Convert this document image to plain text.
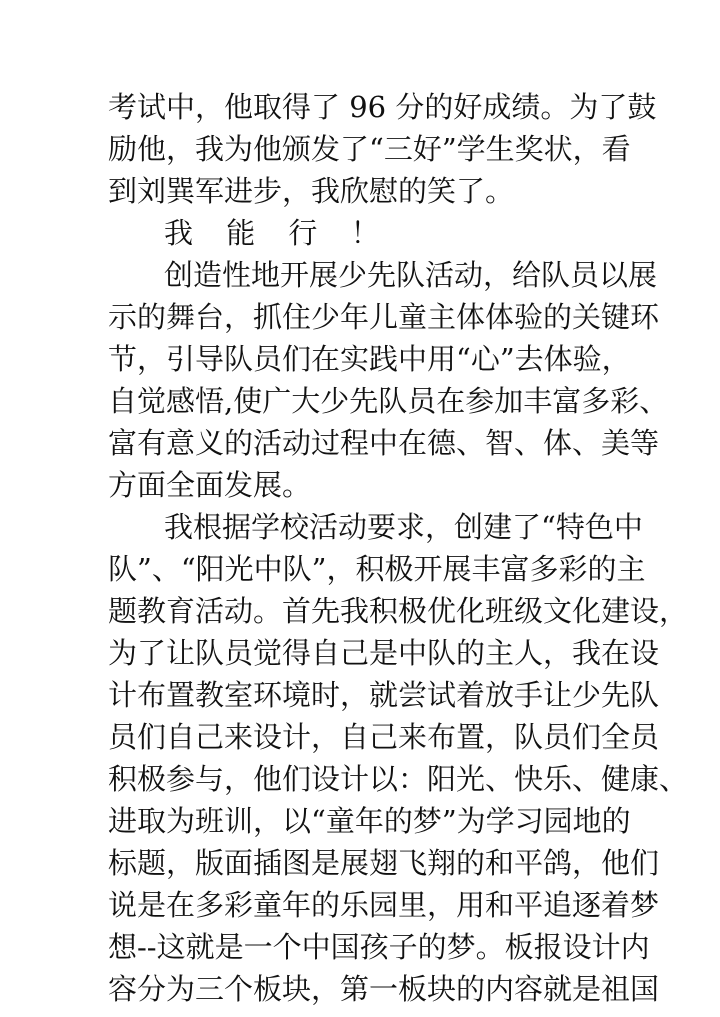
考试中，他取得了 96 分的好成绩。为了鼓
励他，我为他颁发了“三好”学生奖状，看
到刘巽军进步，我欣慰的笑了。
我 能 行 ！
创造性地开展少先队活动，给队员以展
示的舞台，抓住少年儿童主体体验的关键环
节，引导队员们在实践中用“心”去体验，
自觉感悟,使广大少先队员在参加丰富多彩、
富有意义的活动过程中在德、智、体、美等
方面全面发展。
我根据学校活动要求，创建了“特色中
队”、“阳光中队”，积极开展丰富多彩的主
题教育活动。首先我积极优化班级文化建设，
为了让队员觉得自己是中队的主人，我在设
计布置教室环境时，就尝试着放手让少先队
员们自己来设计，自己来布置，队员们全员
积极参与，他们设计以：阳光、快乐、健康、
进取为班训，以“童年的梦”为学习园地的
标题，版面插图是展翅飞翔的和平鸽，他们
说是在多彩童年的乐园里，用和平追逐着梦
想--这就是一个中国孩子的梦。板报设计内
容分为三个板块，第一板块的内容就是祖国
